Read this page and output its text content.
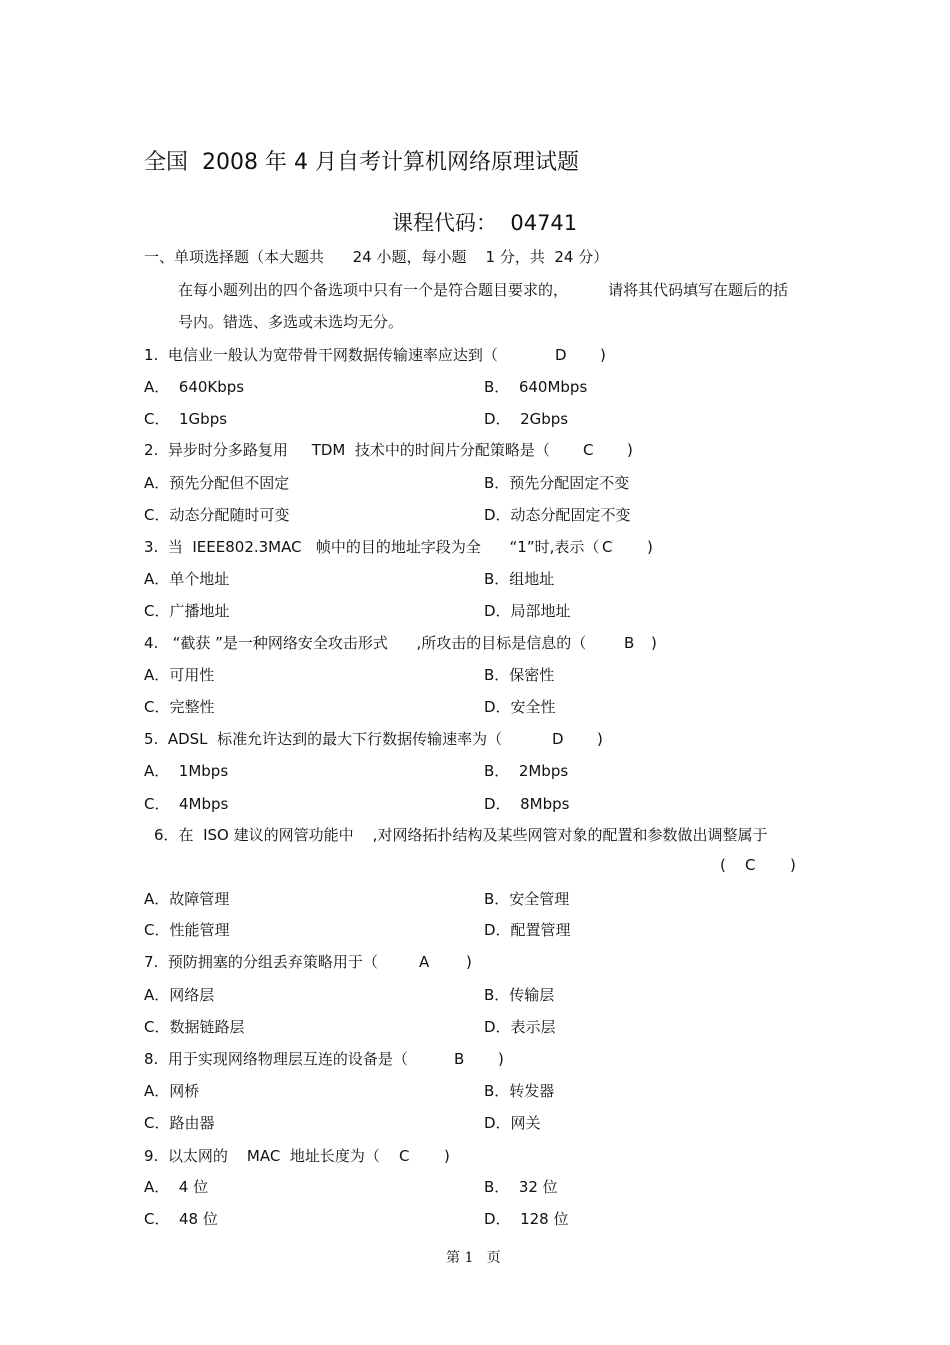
全国  2008 年 4 月自考计算机网络原理试题
课程代码：  04741
一、单项选择题（本大题共      24 小题，每小题    1 分，共  24 分）
在每小题列出的四个备选项中只有一个是符合题目要求的，	请将其代码填写在题后的括
号内。错选、多选或未选均无分。
1.  电信业一般认为宽带骨干网数据传输速率应达到（	D )
A．  640Kbps	B．  640Mbps
C．  1Gbps	D．  2Gbps
2.  异步时分多路复用     TDM  技术中的时间片分配策略是（ C )
A．预先分配但不固定	B．预先分配固定不变
C．动态分配随时可变	D．动态分配固定不变
3.  当  IEEE802.3MAC   帧中的目的地址字段为全      “1”时,表示（ C )
A．单个地址	B．组地址
C．广播地址	D．局部地址
4.   “截获 ”是一种网络安全攻击形式      ,所攻击的目标是信息的（	B )
A．可用性	B．保密性
C．完整性	D．安全性
5.  ADSL  标准允许达到的最大下行数据传输速率为（	D )
A．  1Mbps	B．  2Mbps
C．  4Mbps	D．  8Mbps
6．在  ISO 建议的网管功能中    ,对网络拓扑结构及某些网管对象的配置和参数做出调整属于
( C )
A．故障管理	B．安全管理
C．性能管理	D．配置管理
7.  预防拥塞的分组丢弃策略用于（	A )
A．网络层	B．传输层
C．数据链路层	D．表示层
8.  用于实现网络物理层互连的设备是（	B )
A．网桥	B．转发器
C．路由器	D．网关
9.  以太网的    MAC  地址长度为（ C )
A．  4 位	B．  32 位
C．  48 位	D．  128 位
第 1   页
